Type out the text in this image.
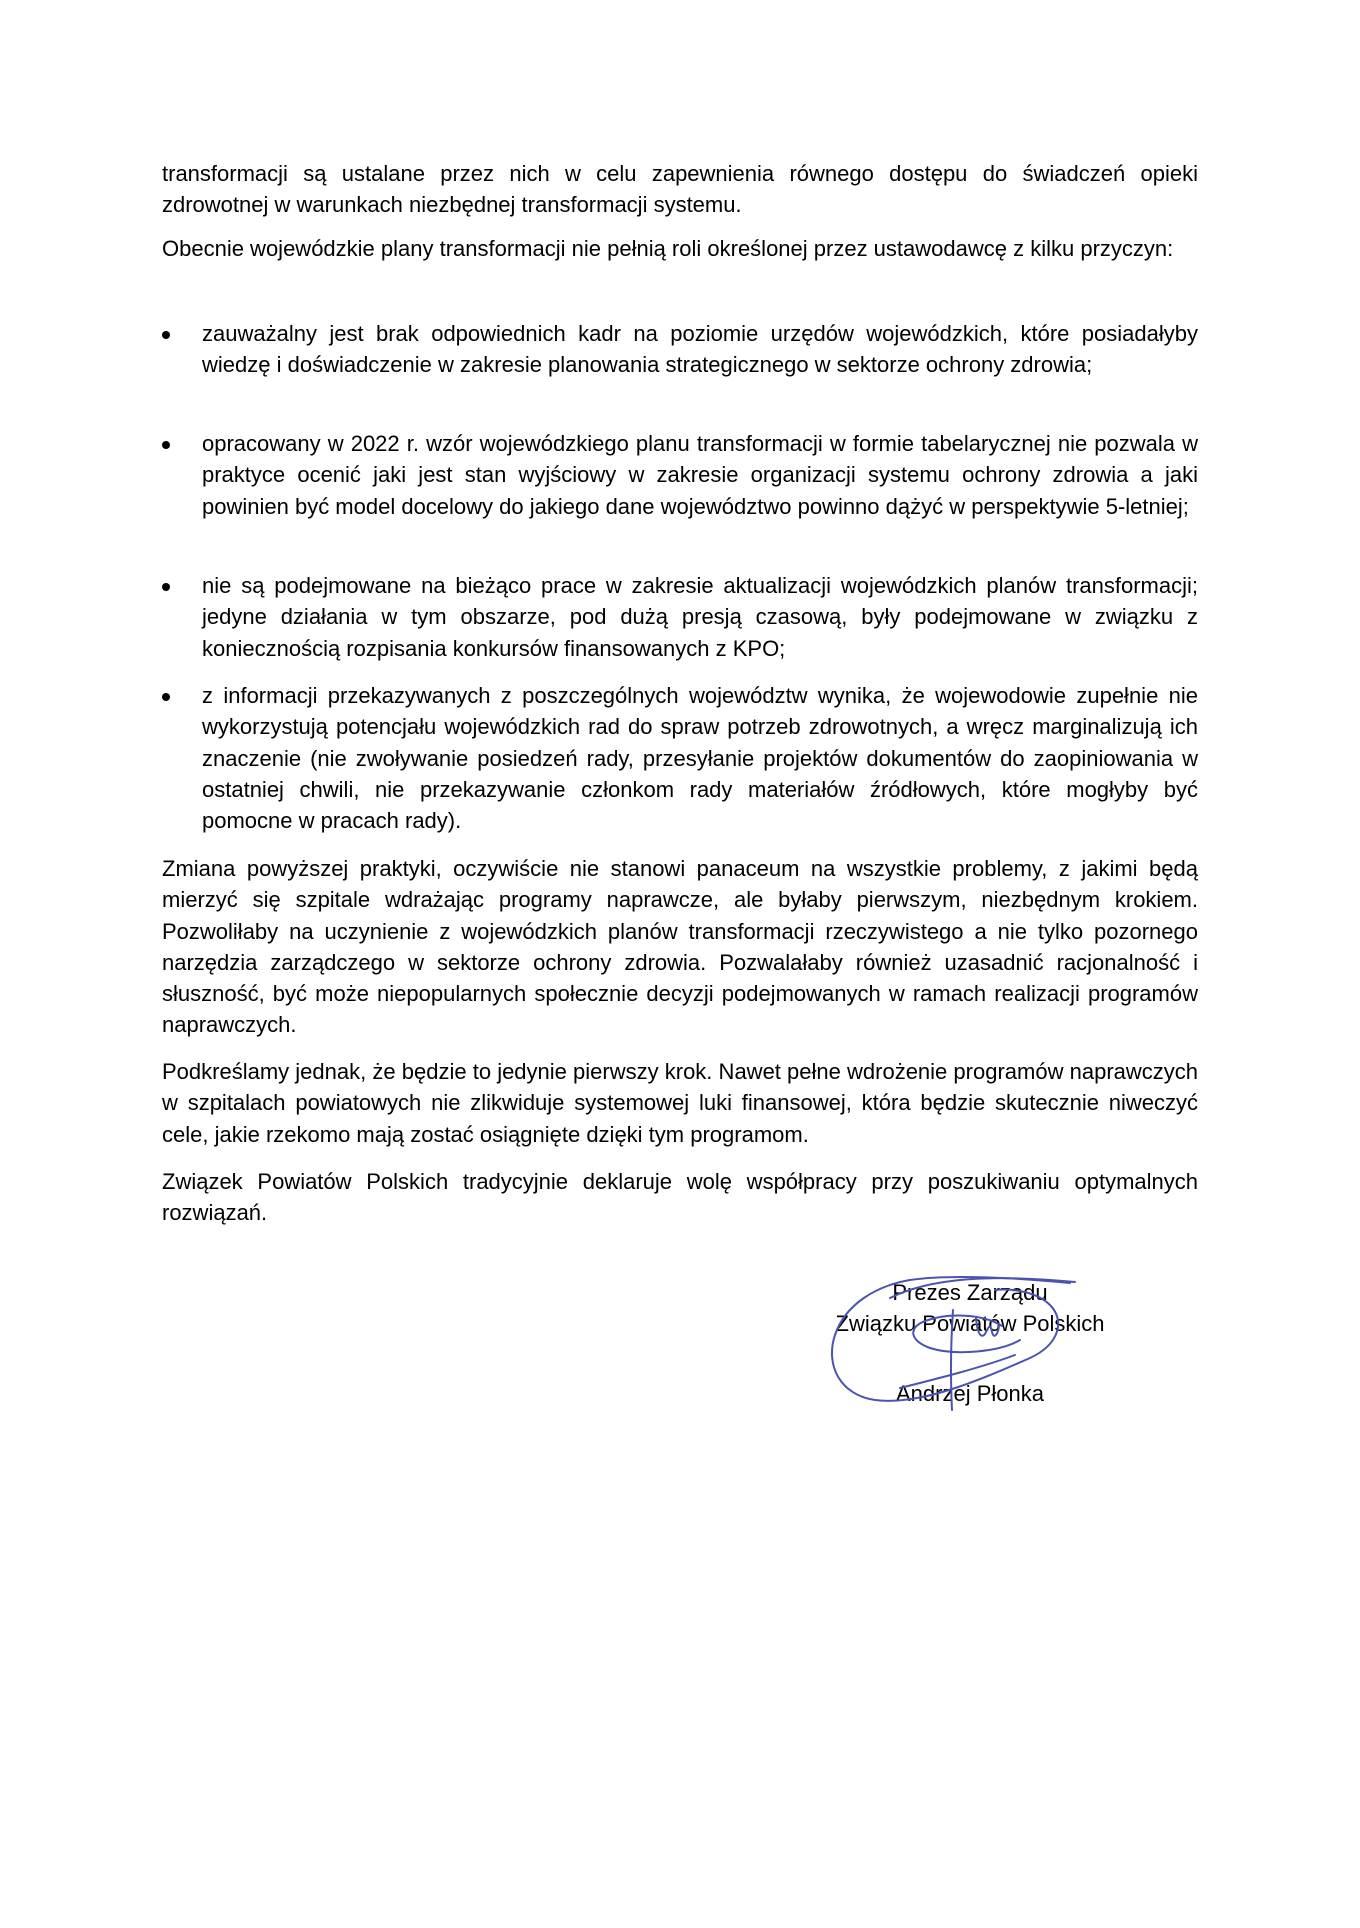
transformacji są ustalane przez nich w celu zapewnienia równego dostępu do świadczeń opieki zdrowotnej w warunkach niezbędnej transformacji systemu.

Obecnie wojewódzkie plany transformacji nie pełnią roli określonej przez ustawodawcę z kilku przyczyn:

zauważalny jest brak odpowiednich kadr na poziomie urzędów wojewódzkich, które posiadałyby wiedzę i doświadczenie w zakresie planowania strategicznego w sektorze ochrony zdrowia;
opracowany w 2022 r. wzór wojewódzkiego planu transformacji w formie tabelarycznej nie pozwala w praktyce ocenić jaki jest stan wyjściowy w zakresie organizacji systemu ochrony zdrowia a jaki powinien być model docelowy do jakiego dane województwo powinno dążyć w perspektywie 5-letniej;
nie są podejmowane na bieżąco prace w zakresie aktualizacji wojewódzkich planów transformacji; jedyne działania w tym obszarze, pod dużą presją czasową, były podejmowane w związku z koniecznością rozpisania konkursów finansowanych z KPO;
z informacji przekazywanych z poszczególnych województw wynika, że wojewodowie zupełnie nie wykorzystują potencjału wojewódzkich rad do spraw potrzeb zdrowotnych, a wręcz marginalizują ich znaczenie (nie zwoływanie posiedzeń rady, przesyłanie projektów dokumentów do zaopiniowania w ostatniej chwili, nie przekazywanie członkom rady materiałów źródłowych, które mogłyby być pomocne w pracach rady).

Zmiana powyższej praktyki, oczywiście nie stanowi panaceum na wszystkie problemy, z jakimi będą mierzyć się szpitale wdrażając programy naprawcze, ale byłaby pierwszym, niezbędnym krokiem. Pozwoliłaby na uczynienie z wojewódzkich planów transformacji rzeczywistego a nie tylko pozornego narzędzia zarządczego w sektorze ochrony zdrowia. Pozwalałaby również uzasadnić racjonalność i słuszność, być może niepopularnych społecznie decyzji podejmowanych w ramach realizacji programów naprawczych.

Podkreślamy jednak, że będzie to jedynie pierwszy krok. Nawet pełne wdrożenie programów naprawczych w szpitalach powiatowych nie zlikwiduje systemowej luki finansowej, która będzie skutecznie niweczyć cele, jakie rzekomo mają zostać osiągnięte dzięki tym programom.

Związek Powiatów Polskich tradycyjnie deklaruje wolę współpracy przy poszukiwaniu optymalnych rozwiązań.

Prezes Zarządu
Związku Powiatów Polskich
Andrzej Płonka
